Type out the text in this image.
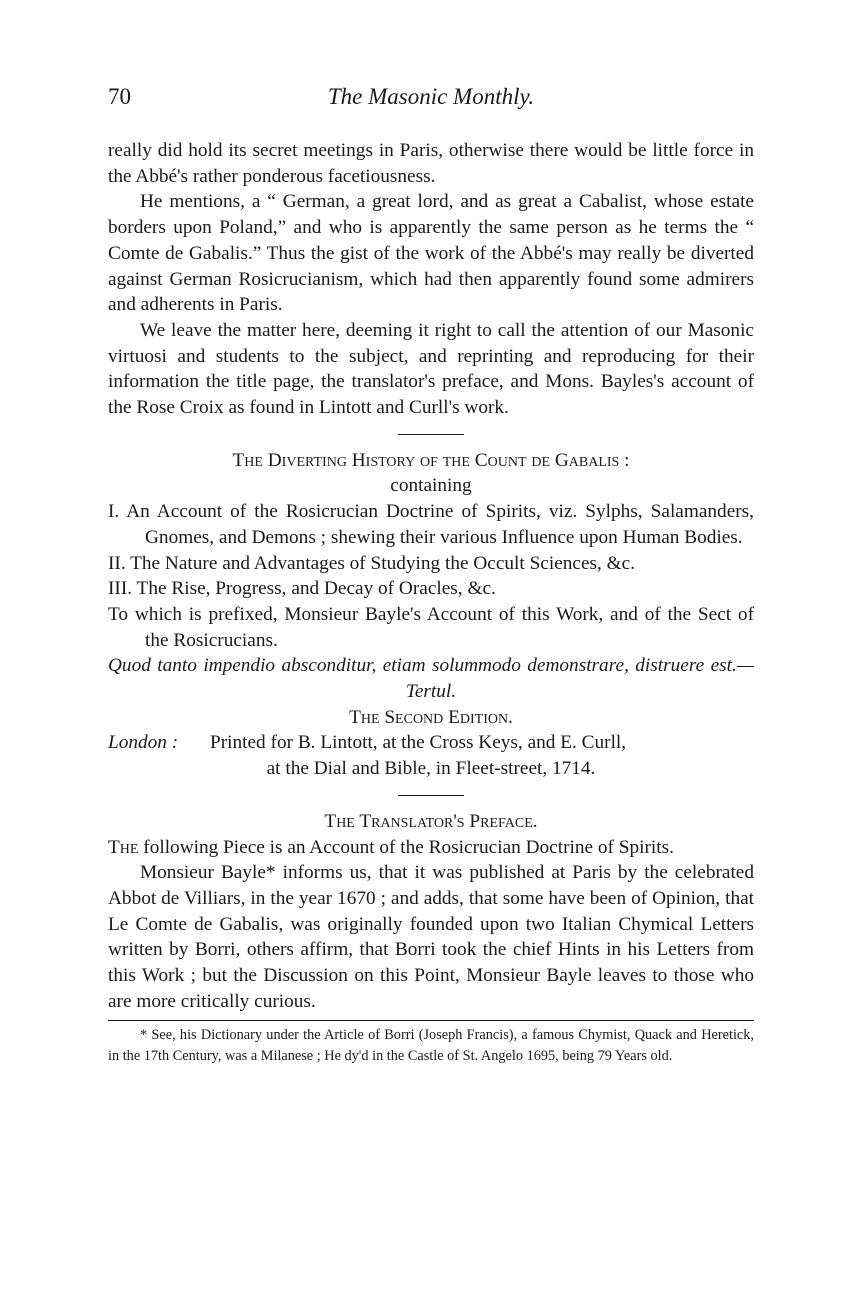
70	The Masonic Monthly.

really did hold its secret meetings in Paris, otherwise there would be little force in the Abbé's rather ponderous facetiousness.

He mentions, a “ German, a great lord, and as great a Cabalist, whose estate borders upon Poland,” and who is apparently the same person as he terms the “ Comte de Gabalis.” Thus the gist of the work of the Abbé's may really be diverted against German Rosicrucianism, which had then apparently found some admirers and adherents in Paris.

We leave the matter here, deeming it right to call the attention of our Masonic virtuosi and students to the subject, and reprinting and reproducing for their information the title page, the translator's preface, and Mons. Bayles's account of the Rose Croix as found in Lintott and Curll's work.

The Diverting History of the Count de Gabalis :

containing

I. An Account of the Rosicrucian Doctrine of Spirits, viz. Sylphs, Salamanders, Gnomes, and Demons ; shewing their various Influence upon Human Bodies.

II. The Nature and Advantages of Studying the Occult Sciences, &c.

III. The Rise, Progress, and Decay of Oracles, &c.

To which is prefixed, Monsieur Bayle's Account of this Work, and of the Sect of the Rosicrucians.

Quod tanto impendio absconditur, etiam solummodo demonstrare, distruere est.—Tertul.

The Second Edition.

London : Printed for B. Lintott, at the Cross Keys, and E. Curll,

at the Dial and Bible, in Fleet-street, 1714.

The Translator's Preface.

The following Piece is an Account of the Rosicrucian Doctrine of Spirits.

Monsieur Bayle* informs us, that it was published at Paris by the celebrated Abbot de Villiars, in the year 1670 ; and adds, that some have been of Opinion, that Le Comte de Gabalis, was originally founded upon two Italian Chymical Letters written by Borri, others affirm, that Borri took the chief Hints in his Letters from this Work ; but the Discussion on this Point, Monsieur Bayle leaves to those who are more critically curious.

* See, his Dictionary under the Article of Borri (Joseph Francis), a famous Chymist, Quack and Heretick, in the 17th Century, was a Milanese ; He dy'd in the Castle of St. Angelo 1695, being 79 Years old.
